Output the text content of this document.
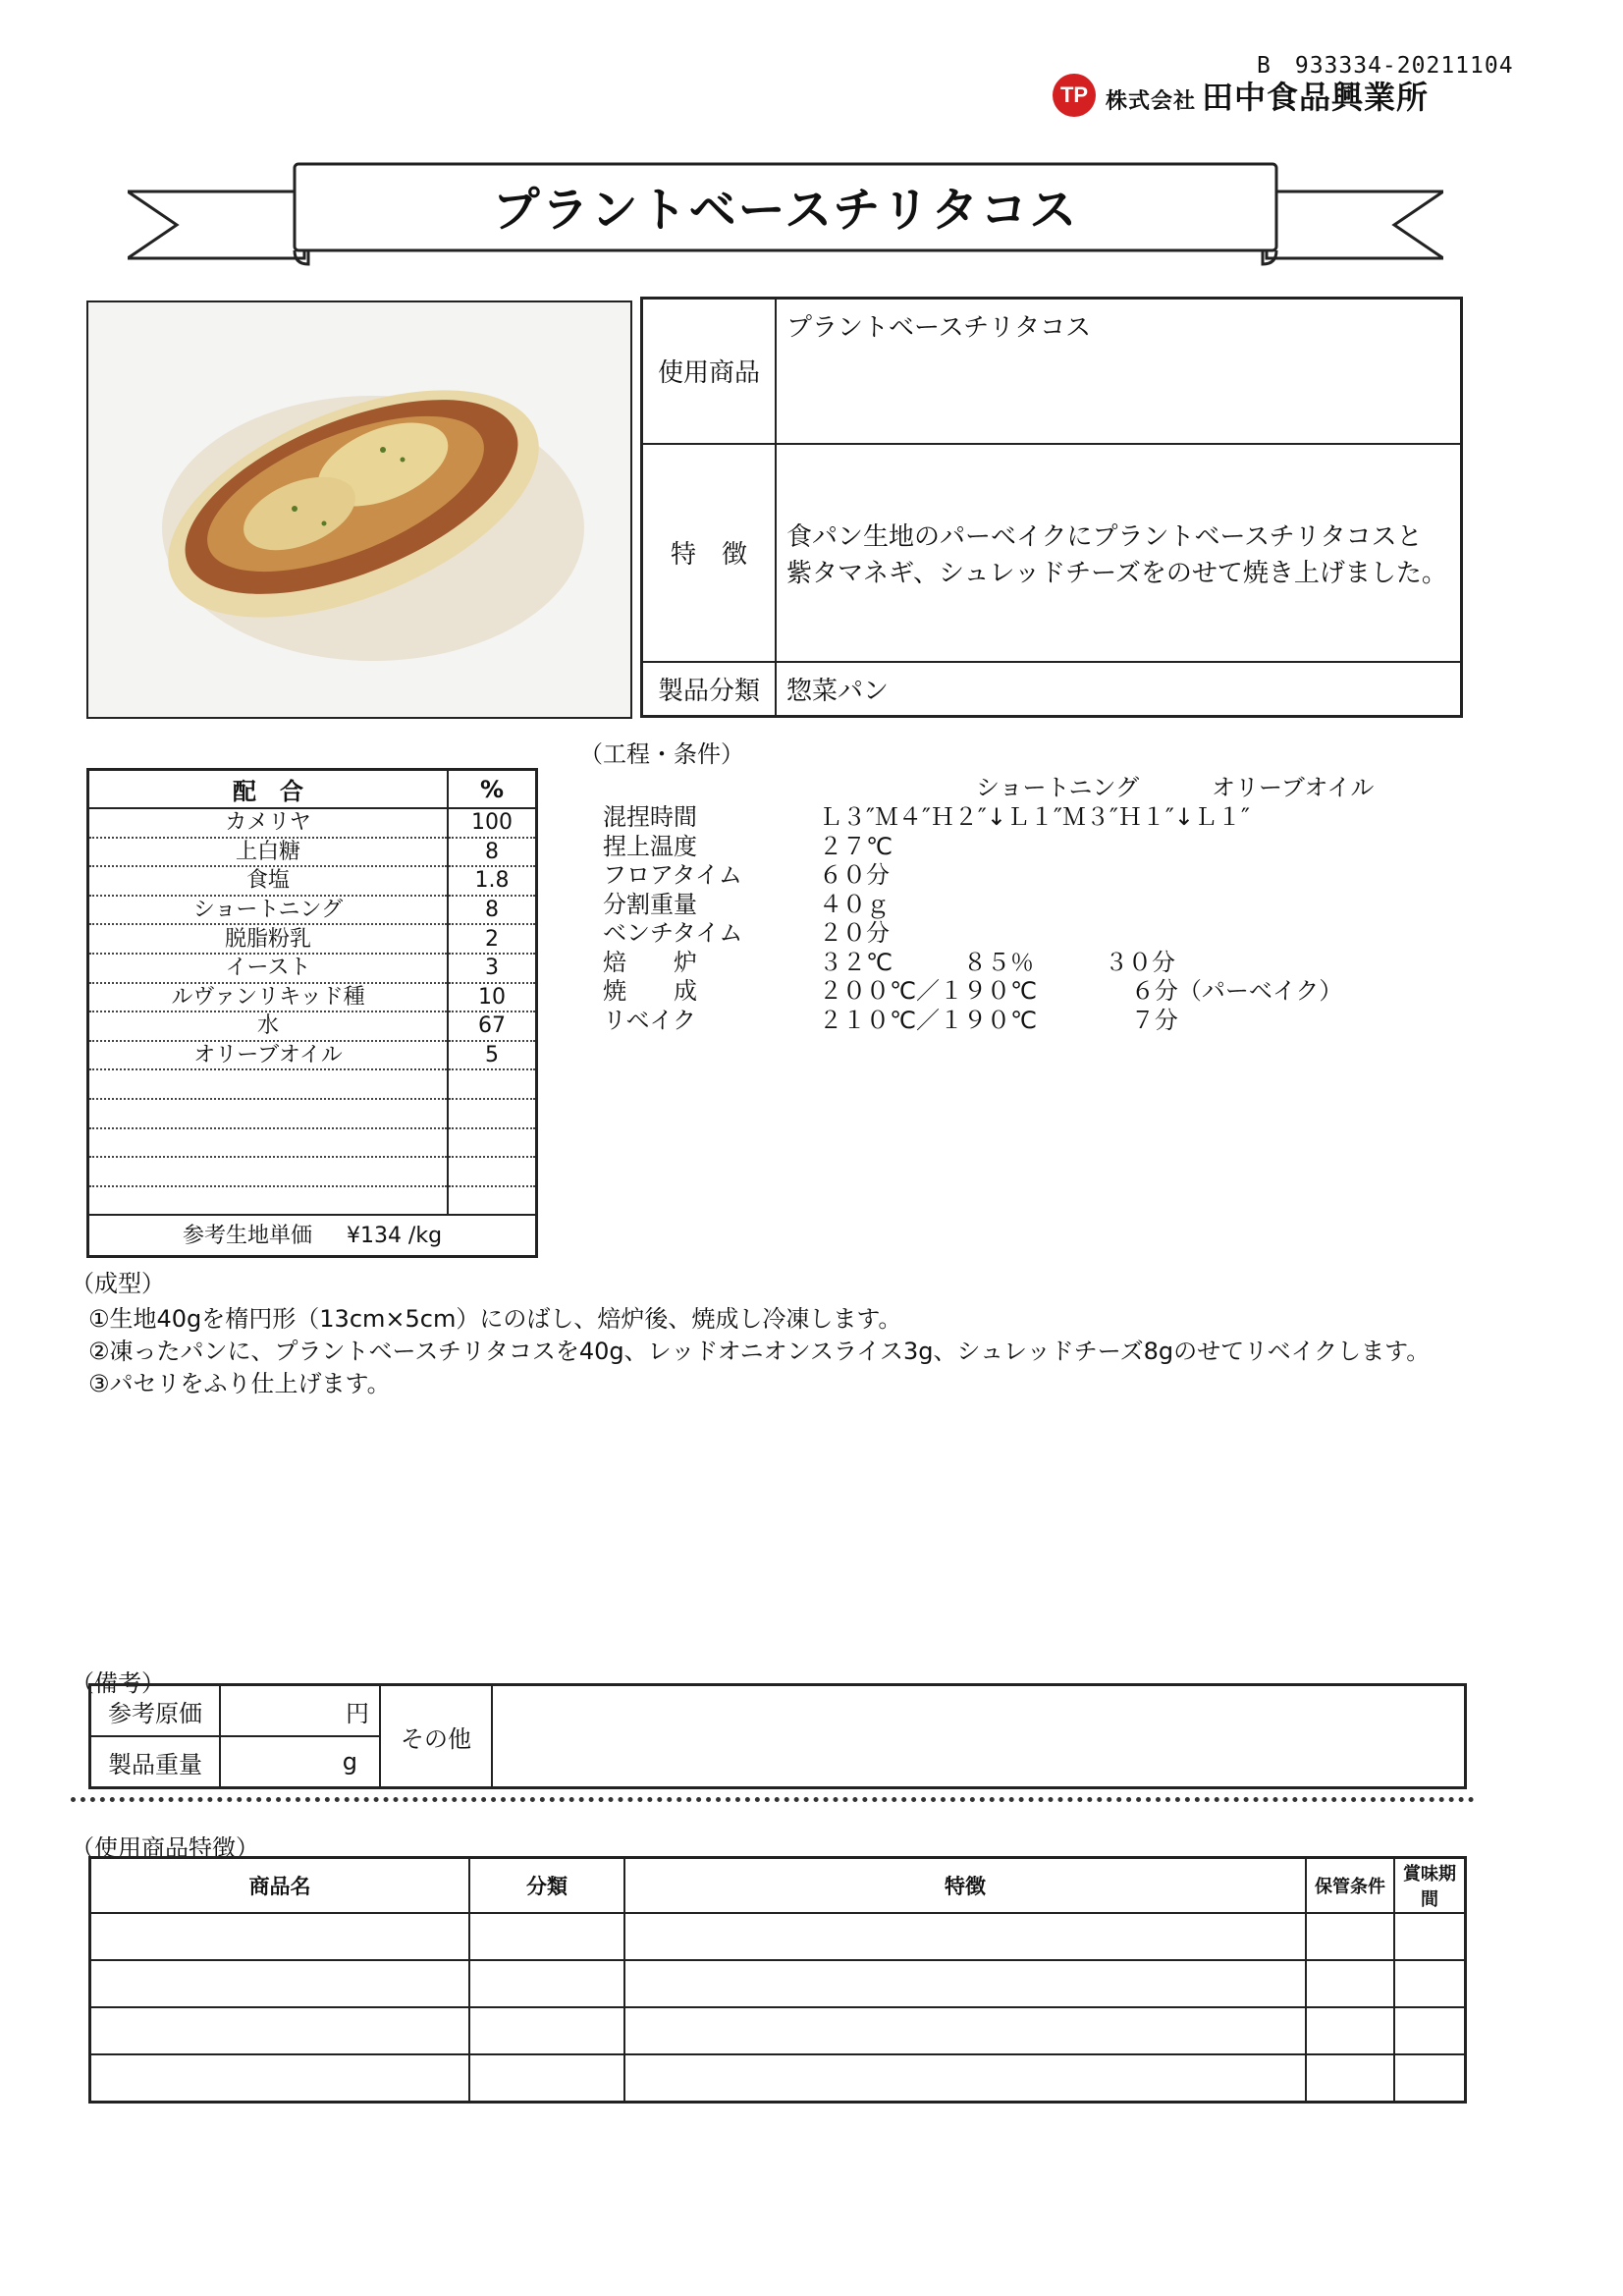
B　933334-20211104
TP 株式会社 田中食品興業所
プラントベースチリタコス
使用商品	プラントベースチリタコス
特　徴	食パン生地のパーベイクにプラントベースチリタコスと
紫タマネギ、シュレッドチーズをのせて焼き上げました。

製品分類	惣菜パン
（工程・条件）
配　合	%
カメリヤ	100
上白糖	8
食塩	1.8
ショートニング	8
脱脂粉乳	2
イースト	3
ルヴァンリキッド種	10
水	67
オリーブオイル	5

参考生地単価 ¥134 /kg	
ショートニング	オリーブオイル
混捏時間	Ｌ３″Ｍ４″Ｈ２″↓Ｌ１″Ｍ３″Ｈ１″↓Ｌ１″
捏上温度	２７℃
フロアタイム	６０分
分割重量	４０ｇ
ベンチタイム	２０分
焙　　炉	３２℃　　　８５％　　　３０分
焼　　成	２００℃／１９０℃　　　　６分（パーベイク）
リベイク	２１０℃／１９０℃　　　　７分
（成型）
①生地40gを楕円形（13cm×5cm）にのばし、焙炉後、焼成し冷凍します。
②凍ったパンに、プラントベースチリタコスを40g、レッドオニオンスライス3g、シュレッドチーズ8gのせてリベイクします。
③パセリをふり仕上げます。
（備考）
参考原価	円	その他	
製品重量	g		
（使用商品特徴）
商品名	分類	特徴	保管条件	賞味期間
